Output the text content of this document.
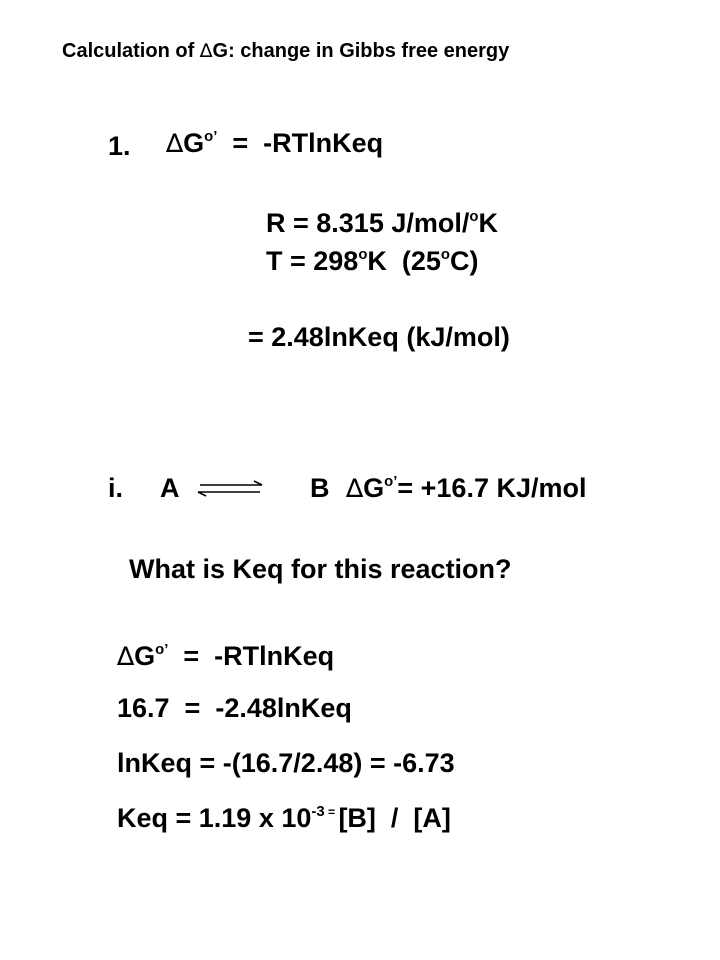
Calculation of ∆G: change in Gibbs free energy
1. $\Delta G^{o’}$  =  -RTlnKeq
R = 8.315 J/mol/$^o$K
$T = 298^oK$  $(25^oC)$
= 2.48lnKeq (kJ/mol)
i. A	B $\Delta G^{o’}= +16.7$ KJ/mol
What is Keq for this reaction?
$\Delta G^{o’}$  =  -RTlnKeq
16.7  =  -2.48lnKeq
lnKeq = -(16.7/2.48) = -6.73
Keq = 1.19 x $10^{-3}$ = [B]  /  [A]
